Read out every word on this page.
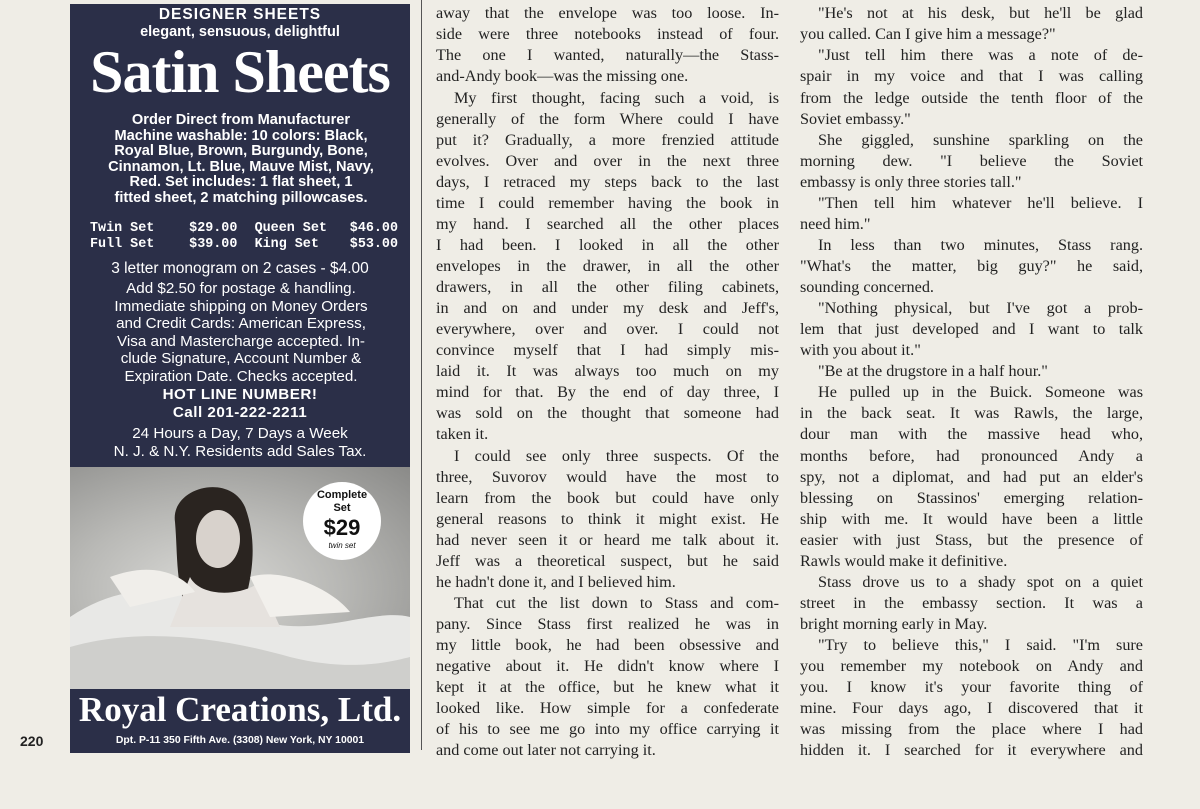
220
DESIGNER SHEETS
elegant, sensuous, delightful
Satin Sheets
Order Direct from Manufacturer
Machine washable: 10 colors: Black,
Royal Blue, Brown, Burgundy, Bone,
Cinnamon, Lt. Blue, Mauve Mist, Navy,
Red. Set includes: 1 flat sheet, 1
fitted sheet, 2 matching pillowcases.
Twin Set	$29.00	Queen Set	$46.00
Full Set	$39.00	King Set	$53.00
3 letter monogram on 2 cases - $4.00
Add $2.50 for postage & handling.
Immediate shipping on Money Orders
and Credit Cards: American Express,
Visa and Mastercharge accepted. In-
clude Signature, Account Number &
Expiration Date. Checks accepted.
HOT LINE NUMBER!
Call 201-222-2211
24 Hours a Day, 7 Days a Week
N. J. & N.Y. Residents add Sales Tax.
Complete
Set
$29
twin set
Royal Creations, Ltd.
Dpt. P-11 350 Fifth Ave. (3308) New York, NY 10001
away that the envelope was too loose. In-
side were three notebooks instead of four.
The one I wanted, naturally—the Stass-
and-Andy book—was the missing one.
My first thought, facing such a void, is
generally of the form Where could I have
put it? Gradually, a more frenzied attitude
evolves. Over and over in the next three
days, I retraced my steps back to the last
time I could remember having the book in
my hand. I searched all the other places
I had been. I looked in all the other
envelopes in the drawer, in all the other
drawers, in all the other filing cabinets,
in and on and under my desk and Jeff's,
everywhere, over and over. I could not
convince myself that I had simply mis-
laid it. It was always too much on my
mind for that. By the end of day three, I
was sold on the thought that someone had
taken it.
I could see only three suspects. Of the
three, Suvorov would have the most to
learn from the book but could have only
general reasons to think it might exist. He
had never seen it or heard me talk about it.
Jeff was a theoretical suspect, but he said
he hadn't done it, and I believed him.
That cut the list down to Stass and com-
pany. Since Stass first realized he was in
my little book, he had been obsessive and
negative about it. He didn't know where I
kept it at the office, but he knew what it
looked like. How simple for a confederate
of his to see me go into my office carrying it
and come out later not carrying it.
"He's not at his desk, but he'll be glad
you called. Can I give him a message?"
"Just tell him there was a note of de-
spair in my voice and that I was calling
from the ledge outside the tenth floor of the
Soviet embassy."
She giggled, sunshine sparkling on the
morning dew. "I believe the Soviet
embassy is only three stories tall."
"Then tell him whatever he'll believe. I
need him."
In less than two minutes, Stass rang.
"What's the matter, big guy?" he said,
sounding concerned.
"Nothing physical, but I've got a prob-
lem that just developed and I want to talk
with you about it."
"Be at the drugstore in a half hour."
He pulled up in the Buick. Someone was
in the back seat. It was Rawls, the large,
dour man with the massive head who,
months before, had pronounced Andy a
spy, not a diplomat, and had put an elder's
blessing on Stassinos' emerging relation-
ship with me. It would have been a little
easier with just Stass, but the presence of
Rawls would make it definitive.
Stass drove us to a shady spot on a quiet
street in the embassy section. It was a
bright morning early in May.
"Try to believe this," I said. "I'm sure
you remember my notebook on Andy and
you. I know it's your favorite thing of
mine. Four days ago, I discovered that it
was missing from the place where I had
hidden it. I searched for it everywhere and
